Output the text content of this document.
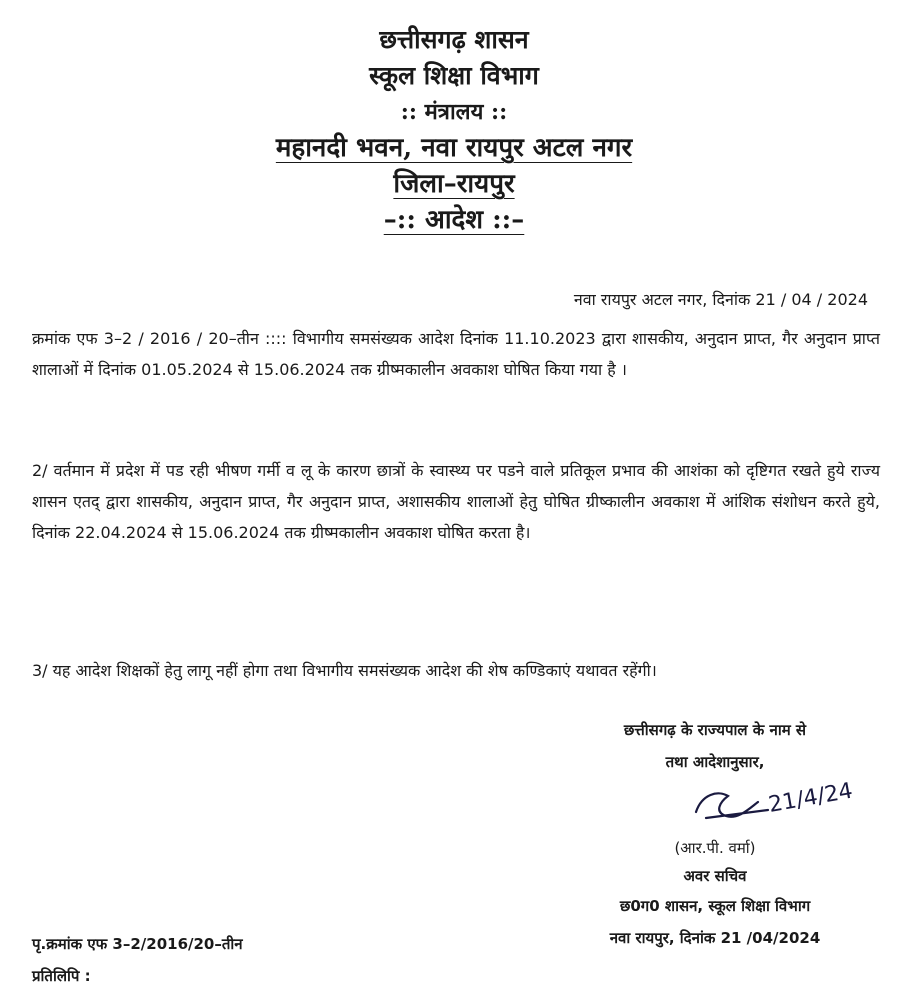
छत्तीसगढ़ शासन
स्कूल शिक्षा विभाग
:: मंत्रालय ::
महानदी भवन, नवा रायपुर अटल नगर
जिला–रायपुर
–:: आदेश ::–
नवा रायपुर अटल नगर, दिनांक 21 / 04 / 2024
क्रमांक एफ 3–2 / 2016 / 20–तीन :::: विभागीय समसंख्यक आदेश दिनांक 11.10.2023 द्वारा शासकीय, अनुदान प्राप्त, गैर अनुदान प्राप्त शालाओं में दिनांक 01.05.2024 से 15.06.2024 तक ग्रीष्मकालीन अवकाश घोषित किया गया है ।
2/ वर्तमान में प्रदेश में पड रही भीषण गर्मी व लू के कारण छात्रों के स्वास्थ्य पर पडने वाले प्रतिकूल प्रभाव की आशंका को दृष्टिगत रखते हुये राज्य शासन एतद् द्वारा शासकीय, अनुदान प्राप्त, गैर अनुदान प्राप्त, अशासकीय शालाओं हेतु घोषित ग्रीष्कालीन अवकाश में आंशिक संशोधन करते हुये, दिनांक 22.04.2024 से 15.06.2024 तक ग्रीष्मकालीन अवकाश घोषित करता है।
3/ यह आदेश शिक्षकों हेतु लागू नहीं होगा तथा विभागीय समसंख्यक आदेश की शेष कण्डिकाएं यथावत रहेंगी।
छत्तीसगढ़ के राज्यपाल के नाम से
तथा आदेशानुसार,
21/4/24
(आर.पी. वर्मा)
अवर सचिव
छ0ग0 शासन, स्कूल शिक्षा विभाग
नवा रायपुर, दिनांक 21 /04/2024
पृ.क्रमांक एफ 3–2/2016/20–तीन
प्रतिलिपि :
